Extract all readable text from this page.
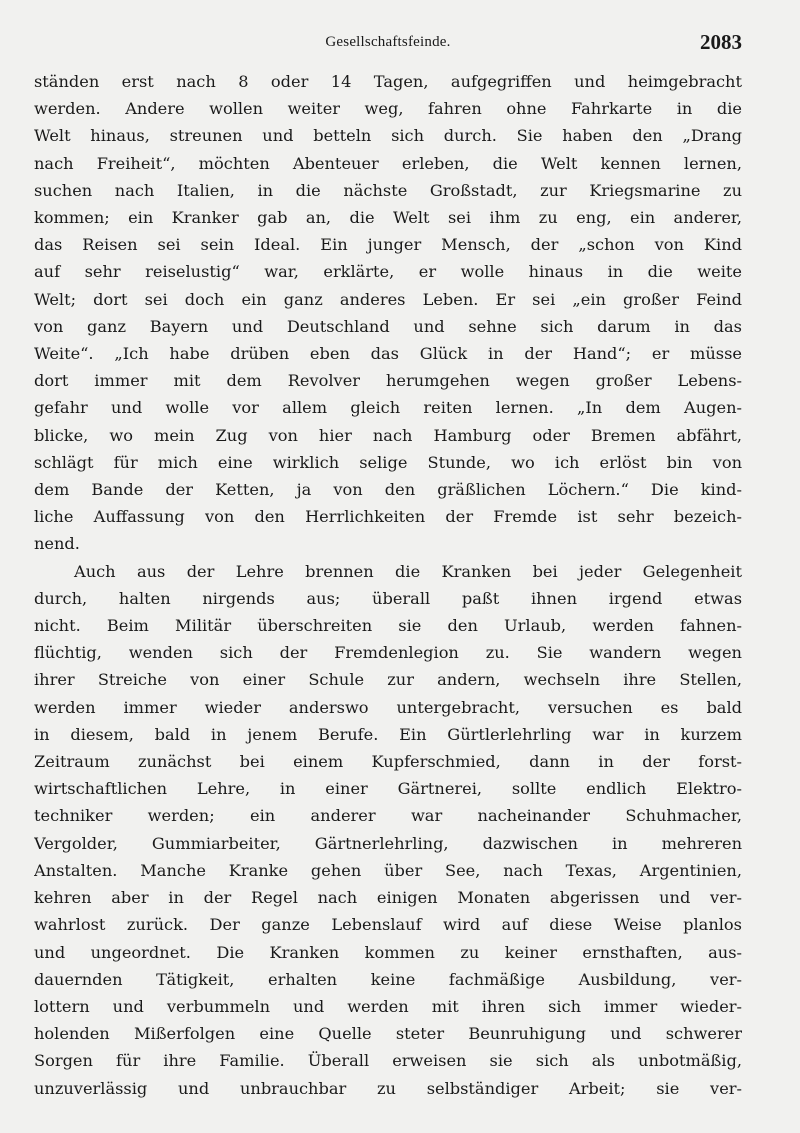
Gesellschaftsfeinde.	2083

ständen erst nach 8 oder 14 Tagen, aufgegriffen und heimgebracht
werden. Andere wollen weiter weg, fahren ohne Fahrkarte in die
Welt hinaus, streunen und betteln sich durch. Sie haben den „Drang
nach Freiheit“, möchten Abenteuer erleben, die Welt kennen lernen,
suchen nach Italien, in die nächste Großstadt, zur Kriegsmarine zu
kommen; ein Kranker gab an, die Welt sei ihm zu eng, ein anderer,
das Reisen sei sein Ideal. Ein junger Mensch, der „schon von Kind
auf sehr reiselustig“ war, erklärte, er wolle hinaus in die weite
Welt; dort sei doch ein ganz anderes Leben. Er sei „ein großer Feind
von ganz Bayern und Deutschland und sehne sich darum in das
Weite“. „Ich habe drüben eben das Glück in der Hand“; er müsse
dort immer mit dem Revolver herumgehen wegen großer Lebens-
gefahr und wolle vor allem gleich reiten lernen. „In dem Augen-
blicke, wo mein Zug von hier nach Hamburg oder Bremen abfährt,
schlägt für mich eine wirklich selige Stunde, wo ich erlöst bin von
dem Bande der Ketten, ja von den gräßlichen Löchern.“ Die kind-
liche Auffassung von den Herrlichkeiten der Fremde ist sehr bezeich-
nend.

Auch aus der Lehre brennen die Kranken bei jeder Gelegenheit
durch, halten nirgends aus; überall paßt ihnen irgend etwas
nicht. Beim Militär überschreiten sie den Urlaub, werden fahnen-
flüchtig, wenden sich der Fremdenlegion zu. Sie wandern wegen
ihrer Streiche von einer Schule zur andern, wechseln ihre Stellen,
werden immer wieder anderswo untergebracht, versuchen es bald
in diesem, bald in jenem Berufe. Ein Gürtlerlehrling war in kurzem
Zeitraum zunächst bei einem Kupferschmied, dann in der forst-
wirtschaftlichen Lehre, in einer Gärtnerei, sollte endlich Elektro-
techniker werden; ein anderer war nacheinander Schuhmacher,
Vergolder, Gummiarbeiter, Gärtnerlehrling, dazwischen in mehreren
Anstalten. Manche Kranke gehen über See, nach Texas, Argentinien,
kehren aber in der Regel nach einigen Monaten abgerissen und ver-
wahrlost zurück. Der ganze Lebenslauf wird auf diese Weise planlos
und ungeordnet. Die Kranken kommen zu keiner ernsthaften, aus-
dauernden Tätigkeit, erhalten keine fachmäßige Ausbildung, ver-
lottern und verbummeln und werden mit ihren sich immer wieder-
holenden Mißerfolgen eine Quelle steter Beunruhigung und schwerer
Sorgen für ihre Familie. Überall erweisen sie sich als unbotmäßig,
unzuverlässig und unbrauchbar zu selbständiger Arbeit; sie ver-
